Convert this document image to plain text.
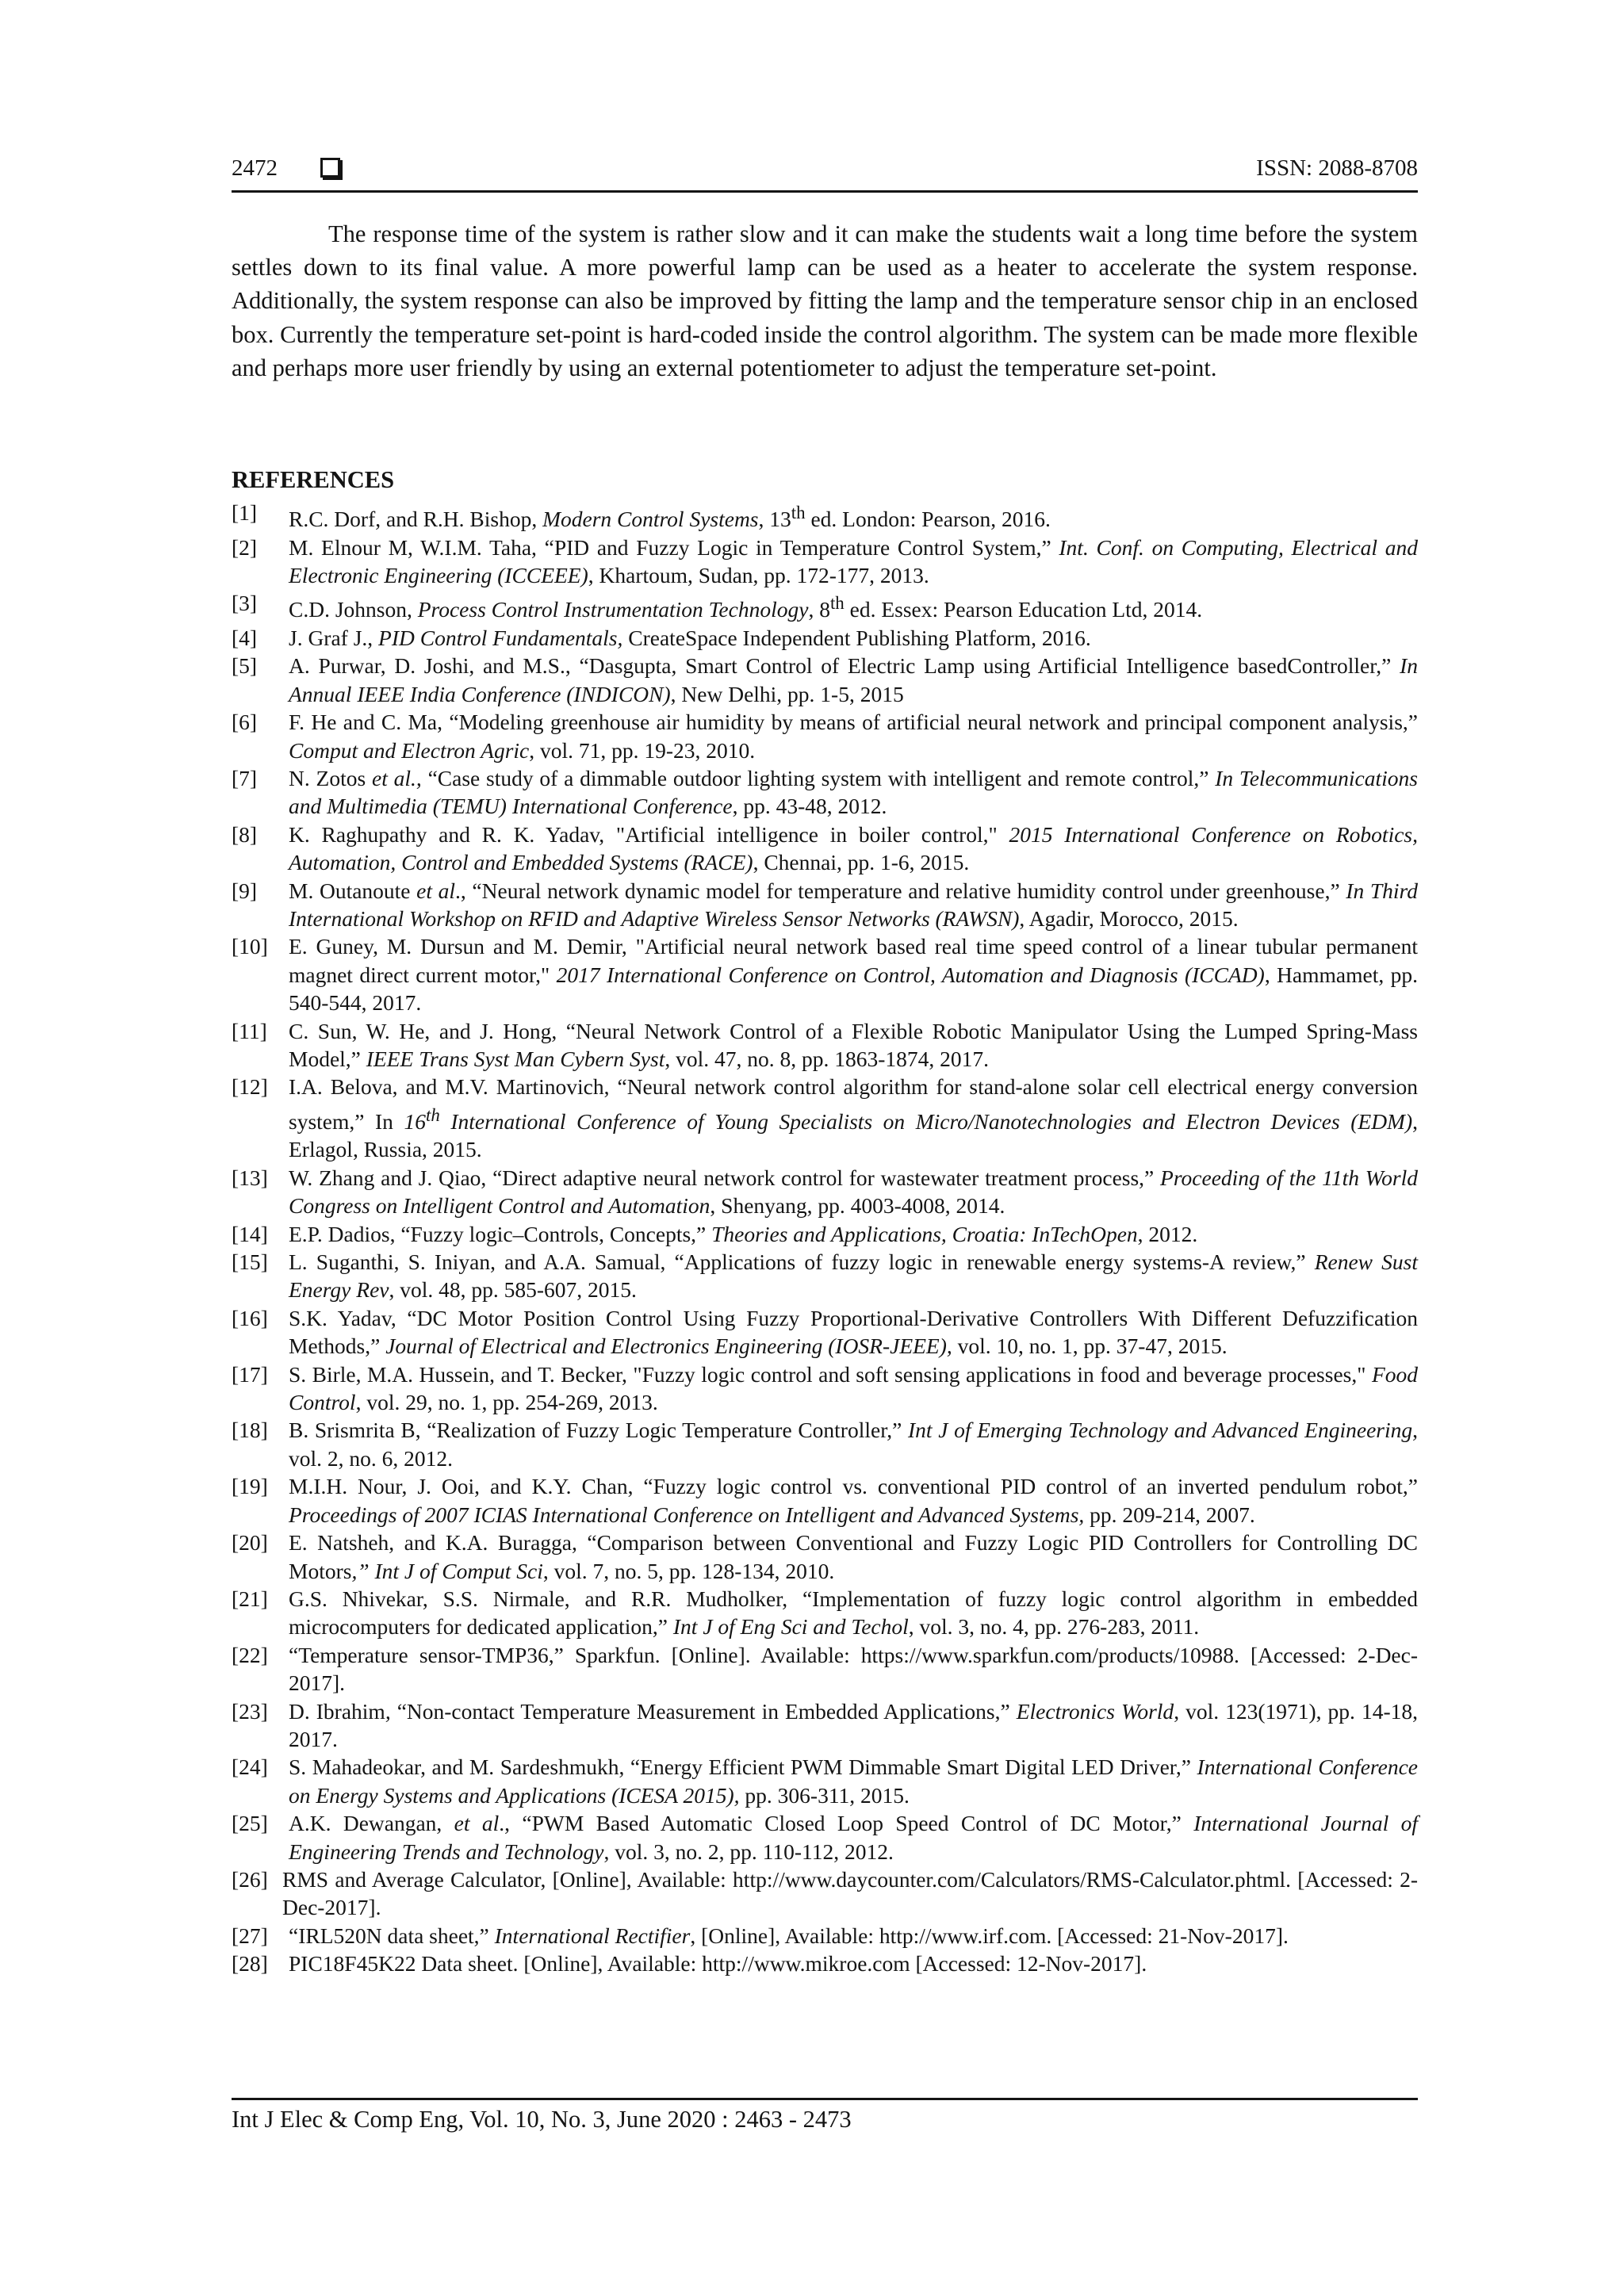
2472	ISSN: 2088-8708

The response time of the system is rather slow and it can make the students wait a long time before the system settles down to its final value. A more powerful lamp can be used as a heater to accelerate the system response. Additionally, the system response can also be improved by fitting the lamp and the temperature sensor chip in an enclosed box. Currently the temperature set-point is hard-coded inside the control algorithm. The system can be made more flexible and perhaps more user friendly by using an external potentiometer to adjust the temperature set-point.

REFERENCES
[1]	R.C. Dorf, and R.H. Bishop, Modern Control Systems, 13th ed. London: Pearson, 2016.
[2]	M. Elnour M, W.I.M. Taha, “PID and Fuzzy Logic in Temperature Control System,” Int. Conf. on Computing, Electrical and Electronic Engineering (ICCEEE), Khartoum, Sudan, pp. 172-177, 2013.
[3]	C.D. Johnson, Process Control Instrumentation Technology, 8th ed. Essex: Pearson Education Ltd, 2014.
[4]	J. Graf J., PID Control Fundamentals, CreateSpace Independent Publishing Platform, 2016.
[5]	A. Purwar, D. Joshi, and M.S., “Dasgupta, Smart Control of Electric Lamp using Artificial Intelligence basedController,” In Annual IEEE India Conference (INDICON), New Delhi, pp. 1-5, 2015
[6]	F. He and C. Ma, “Modeling greenhouse air humidity by means of artificial neural network and principal component analysis,” Comput and Electron Agric, vol. 71, pp. 19-23, 2010.
[7]	N. Zotos et al., “Case study of a dimmable outdoor lighting system with intelligent and remote control,” In Telecommunications and Multimedia (TEMU) International Conference, pp. 43-48, 2012.
[8]	K. Raghupathy and R. K. Yadav, "Artificial intelligence in boiler control," 2015 International Conference on Robotics, Automation, Control and Embedded Systems (RACE), Chennai, pp. 1-6, 2015.
[9]	M. Outanoute et al., “Neural network dynamic model for temperature and relative humidity control under greenhouse,” In Third International Workshop on RFID and Adaptive Wireless Sensor Networks (RAWSN), Agadir, Morocco, 2015.
[10] E. Guney, M. Dursun and M. Demir, "Artificial neural network based real time speed control of a linear tubular permanent magnet direct current motor," 2017 International Conference on Control, Automation and Diagnosis (ICCAD), Hammamet, pp. 540-544, 2017.
[11] C. Sun, W. He, and J. Hong, “Neural Network Control of a Flexible Robotic Manipulator Using the Lumped Spring-Mass Model,” IEEE Trans Syst Man Cybern Syst, vol. 47, no. 8, pp. 1863-1874, 2017.
[12] I.A. Belova, and M.V. Martinovich, “Neural network control algorithm for stand-alone solar cell electrical energy conversion system,” In 16th International Conference of Young Specialists on Micro/Nanotechnologies and Electron Devices (EDM), Erlagol, Russia, 2015.
[13] W. Zhang and J. Qiao, “Direct adaptive neural network control for wastewater treatment process,” Proceeding of the 11th World Congress on Intelligent Control and Automation, Shenyang, pp. 4003-4008, 2014.
[14] E.P. Dadios, “Fuzzy logic–Controls, Concepts,” Theories and Applications, Croatia: InTechOpen, 2012.
[15] L. Suganthi, S. Iniyan, and A.A. Samual, “Applications of fuzzy logic in renewable energy systems-A review,” Renew Sust Energy Rev, vol. 48, pp. 585-607, 2015.
[16] S.K. Yadav, “DC Motor Position Control Using Fuzzy Proportional-Derivative Controllers With Different Defuzzification Methods,” Journal of Electrical and Electronics Engineering (IOSR-JEEE), vol. 10, no. 1, pp. 37-47, 2015.
[17] S. Birle, M.A. Hussein, and T. Becker, "Fuzzy logic control and soft sensing applications in food and beverage processes," Food Control, vol. 29, no. 1, pp. 254-269, 2013.
[18] B. Srismrita B, “Realization of Fuzzy Logic Temperature Controller,” Int J of Emerging Technology and Advanced Engineering, vol. 2, no. 6, 2012.
[19] M.I.H. Nour, J. Ooi, and K.Y. Chan, “Fuzzy logic control vs. conventional PID control of an inverted pendulum robot,” Proceedings of 2007 ICIAS International Conference on Intelligent and Advanced Systems, pp. 209-214, 2007.
[20] E. Natsheh, and K.A. Buragga, “Comparison between Conventional and Fuzzy Logic PID Controllers for Controlling DC Motors,” Int J of Comput Sci, vol. 7, no. 5, pp. 128-134, 2010.
[21] G.S. Nhivekar, S.S. Nirmale, and R.R. Mudholker, “Implementation of fuzzy logic control algorithm in embedded microcomputers for dedicated application,” Int J of Eng Sci and Techol, vol. 3, no. 4, pp. 276-283, 2011.
[22] “Temperature sensor-TMP36,” Sparkfun. [Online]. Available: https://www.sparkfun.com/products/10988. [Accessed: 2-Dec-2017].
[23] D. Ibrahim, “Non-contact Temperature Measurement in Embedded Applications,” Electronics World, vol. 123(1971), pp. 14-18, 2017.
[24] S. Mahadeokar, and M. Sardeshmukh, “Energy Efficient PWM Dimmable Smart Digital LED Driver,” International Conference on Energy Systems and Applications (ICESA 2015), pp. 306-311, 2015.
[25] A.K. Dewangan, et al., “PWM Based Automatic Closed Loop Speed Control of DC Motor,” International Journal of Engineering Trends and Technology, vol. 3, no. 2, pp. 110-112, 2012.
[26] RMS and Average Calculator, [Online], Available: http://www.daycounter.com/Calculators/RMS-Calculator.phtml. [Accessed: 2-Dec-2017].
[27] “IRL520N data sheet,” International Rectifier, [Online], Available: http://www.irf.com. [Accessed: 21-Nov-2017].
[28] PIC18F45K22 Data sheet. [Online], Available: http://www.mikroe.com [Accessed: 12-Nov-2017].
Int J Elec & Comp Eng, Vol. 10, No. 3, June 2020 : 2463 - 2473
